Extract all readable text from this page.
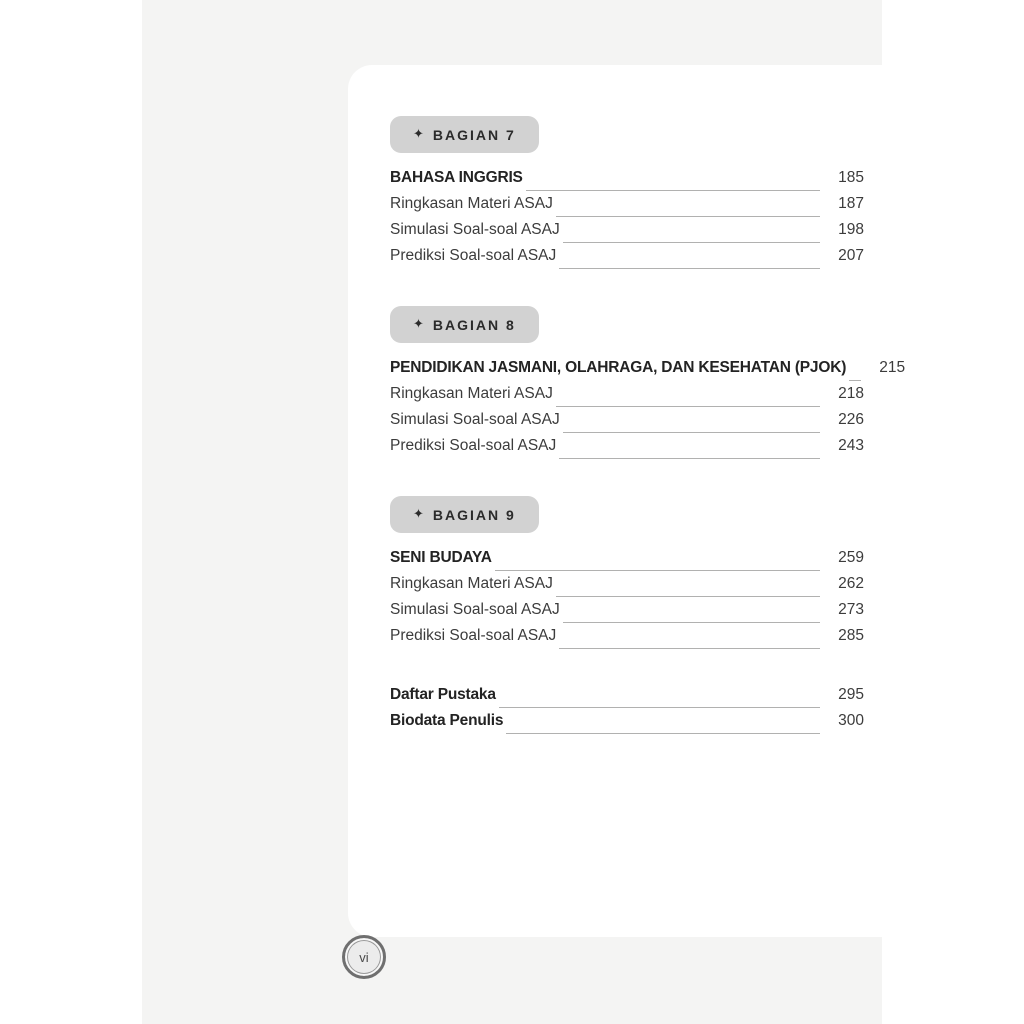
✦ BAGIAN 7
BAHASA INGGRIS	185
Ringkasan Materi ASAJ	187
Simulasi Soal-soal ASAJ	198
Prediksi Soal-soal ASAJ	207
✦ BAGIAN 8
PENDIDIKAN JASMANI, OLAHRAGA, DAN KESEHATAN (PJOK)	215
Ringkasan Materi ASAJ	218
Simulasi Soal-soal ASAJ	226
Prediksi Soal-soal ASAJ	243
✦ BAGIAN 9
SENI BUDAYA	259
Ringkasan Materi ASAJ	262
Simulasi Soal-soal ASAJ	273
Prediksi Soal-soal ASAJ	285
Daftar Pustaka	295
Biodata Penulis	300
vi
